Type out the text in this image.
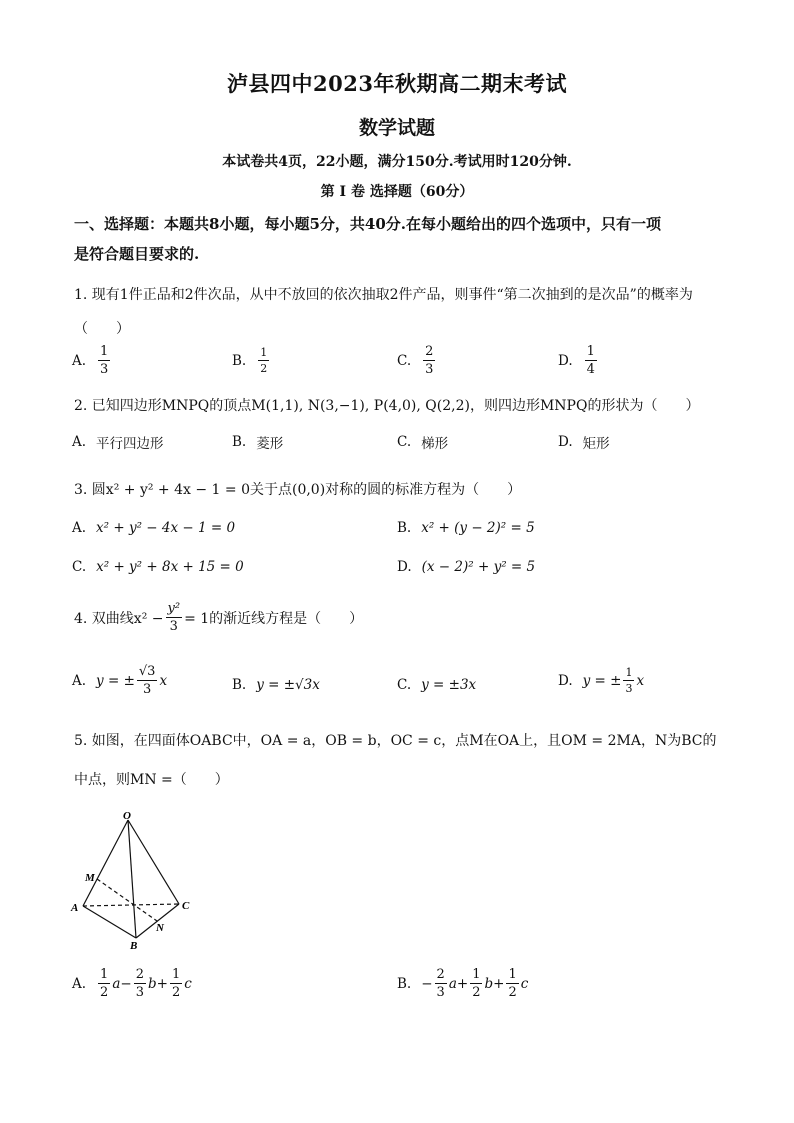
泸县四中2023年秋期高二期末考试
数学试题
本试卷共4页，22小题，满分150分.考试用时120分钟.
第 I 卷 选择题（60分）
一、选择题：本题共8小题，每小题5分，共40分.在每小题给出的四个选项中，只有一项
是符合题目要求的.
1. 现有1件正品和2件次品，从中不放回的依次抽取2件产品，则事件“第二次抽到的是次品”的概率为
（　　）
A. $\frac{1}{3}$	B. $\frac{1}{2}$	C. $\frac{2}{3}$	D. $\frac{1}{4}$
2. 已知四边形MNPQ的顶点M(1,1), N(3,−1), P(4,0), Q(2,2)，则四边形MNPQ的形状为（　　）
A. 平行四边形	B. 菱形	C. 梯形	D. 矩形
3. 圆x² + y² + 4x − 1 = 0关于点(0,0)对称的圆的标准方程为（　　）
A. x² + y² − 4x − 1 = 0	B. x² + (y − 2)² = 5
C. x² + y² + 8x + 15 = 0	D. (x − 2)² + y² = 5
4. 双曲线$x^2 - \frac{\text{y²}}{3} = 1$的渐近线方程是（　　）
A. y = ± $\frac{√3}{3}$ x	B. y = ±√3x	C. y = ±3x	D. y = ± $\frac{1}{3}$ x
5. 如图，在四面体OABC中，OA = a，OB = b，OC = c，点M在OA上，且OM = 2MA，N为BC的
中点，则MN =（　　）
O
M
A
B
C
N
A. $\frac{1}{2}$ $a - \frac{2}{3}$ $b + \frac{1}{2}$ c	B. − $\frac{2}{3}$ $a + \frac{1}{2}$ $b + \frac{1}{2}$ c
